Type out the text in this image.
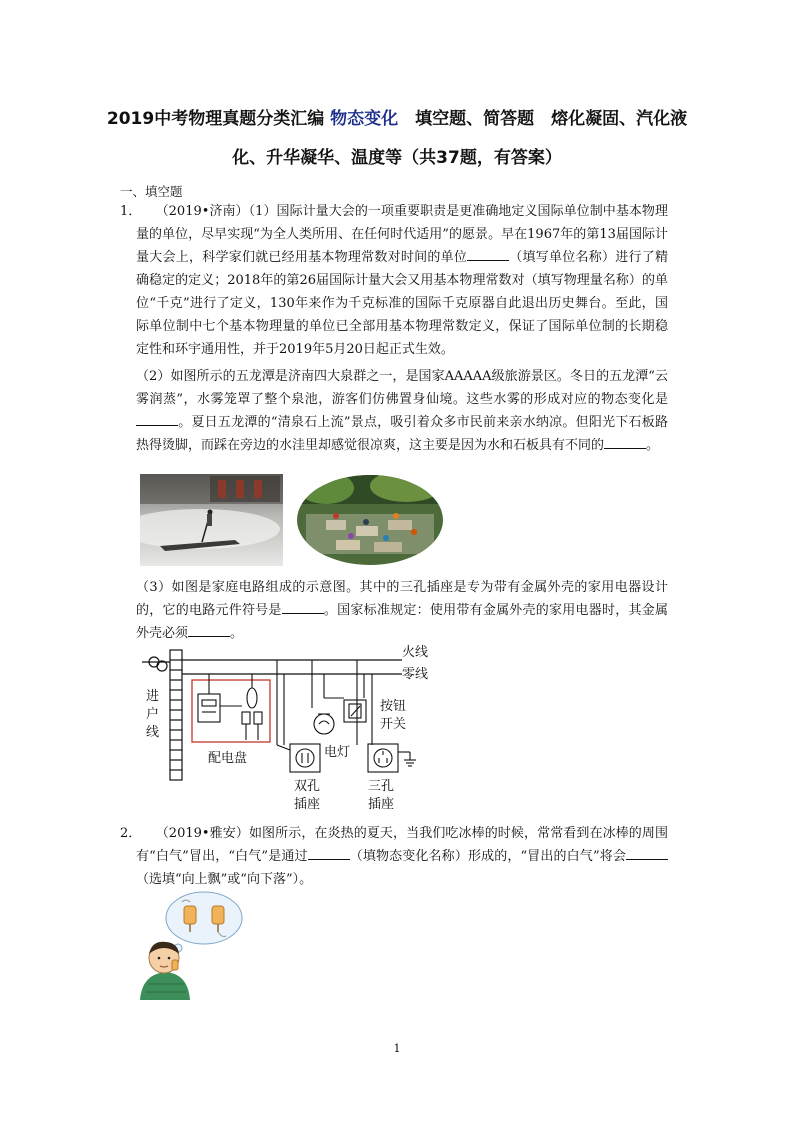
2019中考物理真题分类汇编 物态变化　填空题、简答题　熔化凝固、汽化液
化、升华凝华、温度等（共37题，有答案）
一、填空题
1．

　　	（2019•济南）（1）国际计量大会的一项重要职责是更准确地定义国际单位制中基本物理量的单位，尽早实现“为全人类所用、在任何时代适用”的愿景。早在1967年的第13届国际计量大会上，科学家们就已经用基本物理常数对时间的单位	（填写单位名称）进行了精确稳定的定义；2018年的第26届国际计量大会又用基本物理常数对（填写物理量名称）的单位“千克”进行了定义，130年来作为千克标准的国际千克原器自此退出历史舞台。至此，国际单位制中七个基本物理量的单位已全部用基本物理常数定义，保证了国际单位制的长期稳定性和环宇通用性，并于2019年5月20日起正式生效。

（2）如图所示的五龙潭是济南四大泉群之一，是国家AAAAA级旅游景区。冬日的五龙潭“云雾润蒸”，水雾笼罩了整个泉池，游客们仿佛置身仙境。这些水雾的形成对应的物态变化是。夏日五龙潭的“清泉石上流”景点，吸引着众多市民前来亲水纳凉。但阳光下石板路热得烫脚，而踩在旁边的水洼里却感觉很凉爽，这主要是因为水和石板具有不同的	。

（3）如图是家庭电路组成的示意图。其中的三孔插座是专为带有金属外壳的家用电器设计的，它的电路元件符号是	。国家标准规定：使用带有金属外壳的家用电器时，其金属外壳必须	。

火线
零线
进
户
线
配电盘	电灯
按钮
开关
双孔
插座
三孔
插座
2．

　　	（2019•雅安）如图所示，在炎热的夏天，当我们吃冰棒的时候，常常看到在冰棒的周围有“白气”冒出，“白气”是通过	（填物态变化名称）形成的，“冒出的白气”将会（选填“向上飘”或“向下落”）。

1
